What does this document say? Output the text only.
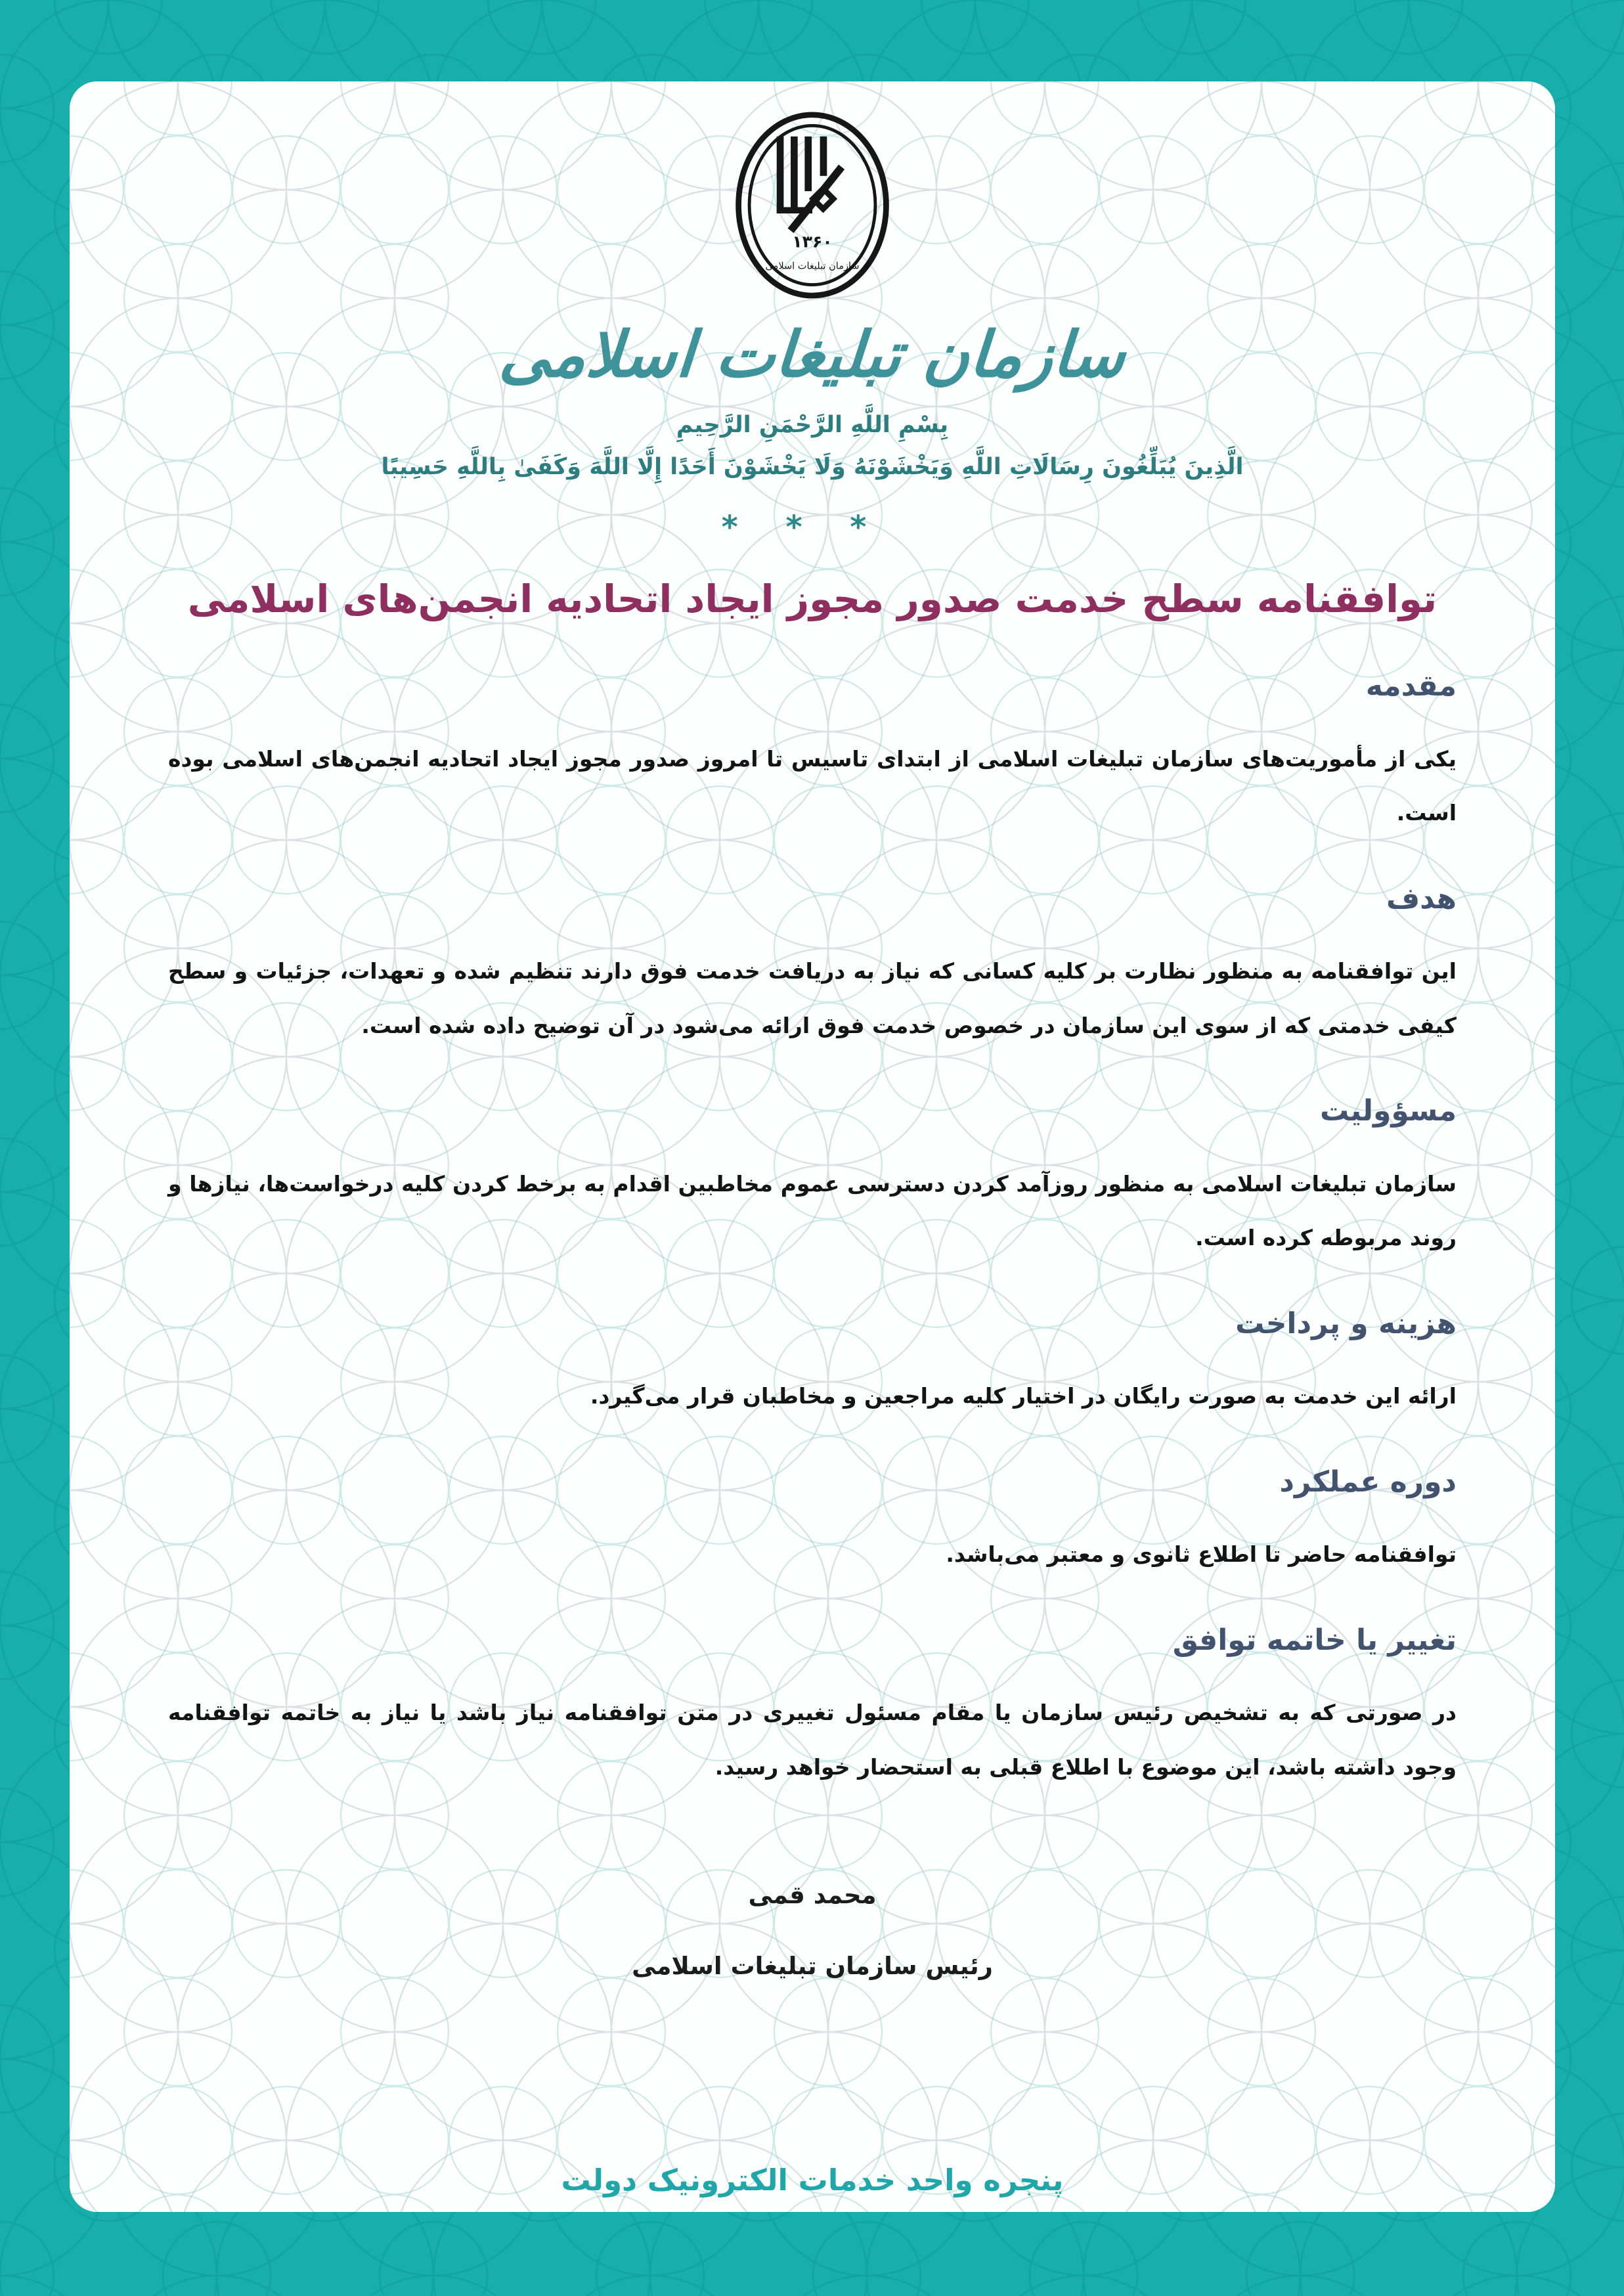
۱۳۶۰
سازمان تبلیغات اسلامی
سازمان تبلیغات اسلامی
بِسْمِ اللَّهِ الرَّحْمَنِ الرَّحِيمِ
الَّذِينَ يُبَلِّغُونَ رِسَالَاتِ اللَّهِ وَيَخْشَوْنَهُ وَلَا يَخْشَوْنَ أَحَدًا إِلَّا اللَّهَ وَكَفَىٰ بِاللَّهِ حَسِيبًا
* * *
توافقنامه سطح خدمت صدور مجوز ایجاد اتحادیه انجمن‌های اسلامی
مقدمه

یکی از مأموریت‌های سازمان تبلیغات اسلامی از ابتدای تاسیس تا امروز صدور مجوز ایجاد اتحادیه انجمن‌های اسلامی بوده است.

هدف

این توافقنامه به منظور نظارت بر کلیه کسانی که نیاز به دریافت خدمت فوق دارند تنظیم شده و تعهدات، جزئیات و سطح کیفی خدمتی که از سوی این سازمان در خصوص خدمت فوق ارائه می‌شود در آن توضیح داده شده است.

مسؤولیت

سازمان تبلیغات اسلامی به منظور روزآمد کردن دسترسی عموم مخاطبین اقدام به برخط کردن کلیه درخواست‌ها، نیازها و روند مربوطه کرده است.

هزینه و پرداخت

ارائه این خدمت به صورت رایگان در اختیار کلیه مراجعین و مخاطبان قرار می‌گیرد.

دوره عملکرد

توافقنامه حاضر تا اطلاع ثانوی و معتبر می‌باشد.

تغییر یا خاتمه توافق

در صورتی که به تشخیص رئیس سازمان یا مقام مسئول تغییری در متن توافقنامه نیاز باشد یا نیاز به خاتمه توافقنامه وجود داشته باشد، این موضوع با اطلاع قبلی به استحضار خواهد رسید.

محمد قمی
رئیس سازمان تبلیغات اسلامی
پنجره واحد خدمات الکترونیک دولت
